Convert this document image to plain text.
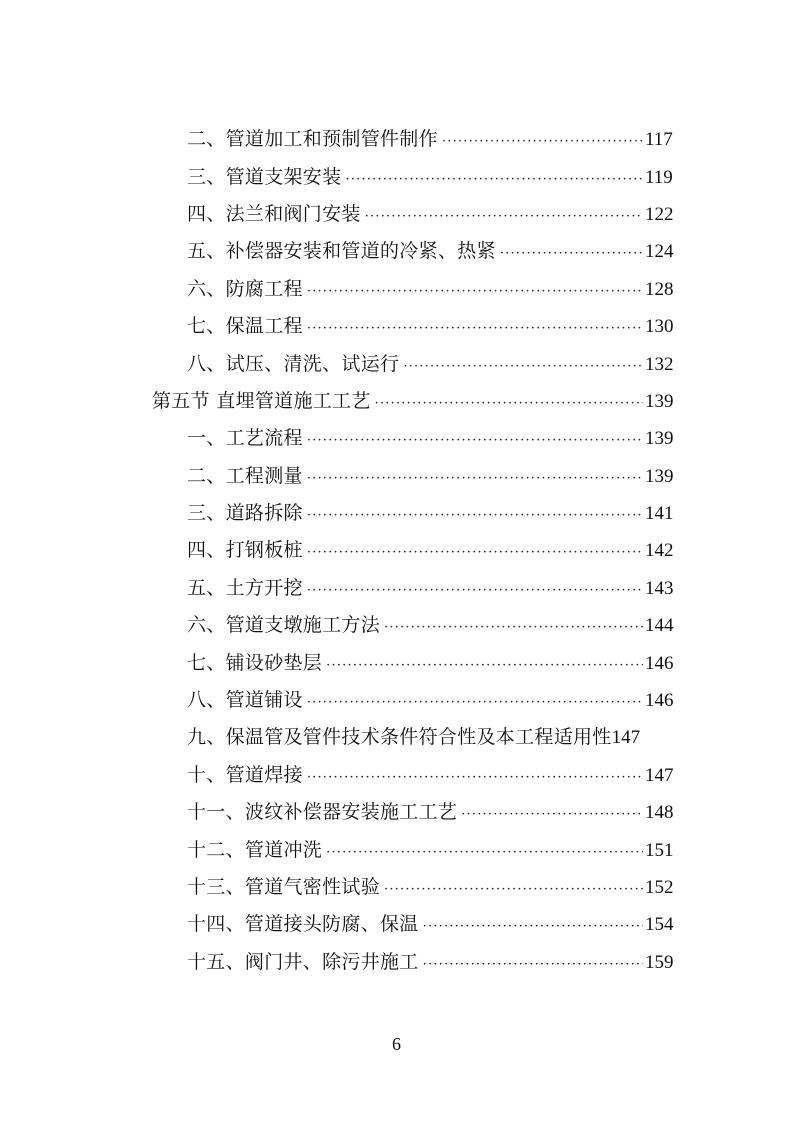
二、管道加工和预制管件制作 ·····	117
三、管道支架安装 ·····	119
四、法兰和阀门安装 ·····	122
五、补偿器安装和管道的冷紧、热紧 ·····	124
六、防腐工程 ·····	128
七、保温工程 ·····	130
八、试压、清洗、试运行 ·····	132
第五节 直埋管道施工工艺 ·····	139
一、工艺流程 ·····	139
二、工程测量 ·····	139
三、道路拆除 ·····	141
四、打钢板桩 ·····	142
五、土方开挖 ·····	143
六、管道支墩施工方法 ·····	144
七、铺设砂垫层 ·····	146
八、管道铺设 ·····	146
九、保温管及管件技术条件符合性及本工程适用性 147
十、管道焊接 ·····	147
十一、波纹补偿器安装施工工艺 ·····	148
十二、管道冲洗 ·····	151
十三、管道气密性试验 ·····	152
十四、管道接头防腐、保温 ·····	154
十五、阀门井、除污井施工 ·····	159
6
